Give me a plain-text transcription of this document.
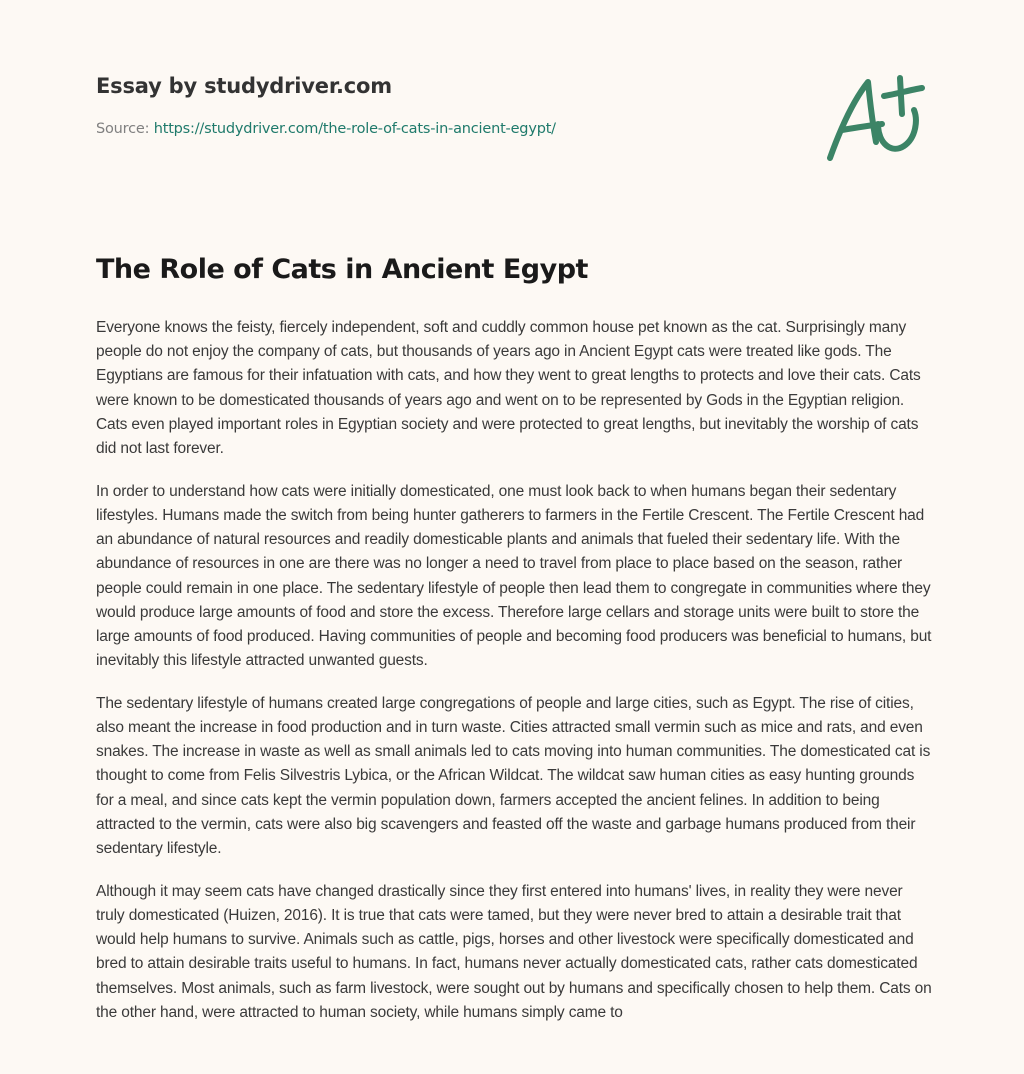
Essay by studydriver.com
Source: https://studydriver.com/the-role-of-cats-in-ancient-egypt/
The Role of Cats in Ancient Egypt

Everyone knows the feisty, fiercely independent, soft and cuddly common house pet known as the cat. Surprisingly many people do not enjoy the company of cats, but thousands of years ago in Ancient Egypt cats were treated like gods. The Egyptians are famous for their infatuation with cats, and how they went to great lengths to protects and love their cats. Cats were known to be domesticated thousands of years ago and went on to be represented by Gods in the Egyptian religion. Cats even played important roles in Egyptian society and were protected to great lengths, but inevitably the worship of cats did not last forever.

In order to understand how cats were initially domesticated, one must look back to when humans began their sedentary lifestyles. Humans made the switch from being hunter gatherers to farmers in the Fertile Crescent. The Fertile Crescent had an abundance of natural resources and readily domesticable plants and animals that fueled their sedentary life. With the abundance of resources in one are there was no longer a need to travel from place to place based on the season, rather people could remain in one place. The sedentary lifestyle of people then lead them to congregate in communities where they would produce large amounts of food and store the excess. Therefore large cellars and storage units were built to store the large amounts of food produced. Having communities of people and becoming food producers was beneficial to humans, but inevitably this lifestyle attracted unwanted guests.

The sedentary lifestyle of humans created large congregations of people and large cities, such as Egypt. The rise of cities, also meant the increase in food production and in turn waste. Cities attracted small vermin such as mice and rats, and even snakes. The increase in waste as well as small animals led to cats moving into human communities. The domesticated cat is thought to come from Felis Silvestris Lybica, or the African Wildcat. The wildcat saw human cities as easy hunting grounds for a meal, and since cats kept the vermin population down, farmers accepted the ancient felines. In addition to being attracted to the vermin, cats were also big scavengers and feasted off the waste and garbage humans produced from their sedentary lifestyle.

Although it may seem cats have changed drastically since they first entered into humans' lives, in reality they were never truly domesticated (Huizen, 2016). It is true that cats were tamed, but they were never bred to attain a desirable trait that would help humans to survive. Animals such as cattle, pigs, horses and other livestock were specifically domesticated and bred to attain desirable traits useful to humans. In fact, humans never actually domesticated cats, rather cats domesticated themselves. Most animals, such as farm livestock, were sought out by humans and specifically chosen to help them. Cats on the other hand, were attracted to human society, while humans simply came to
